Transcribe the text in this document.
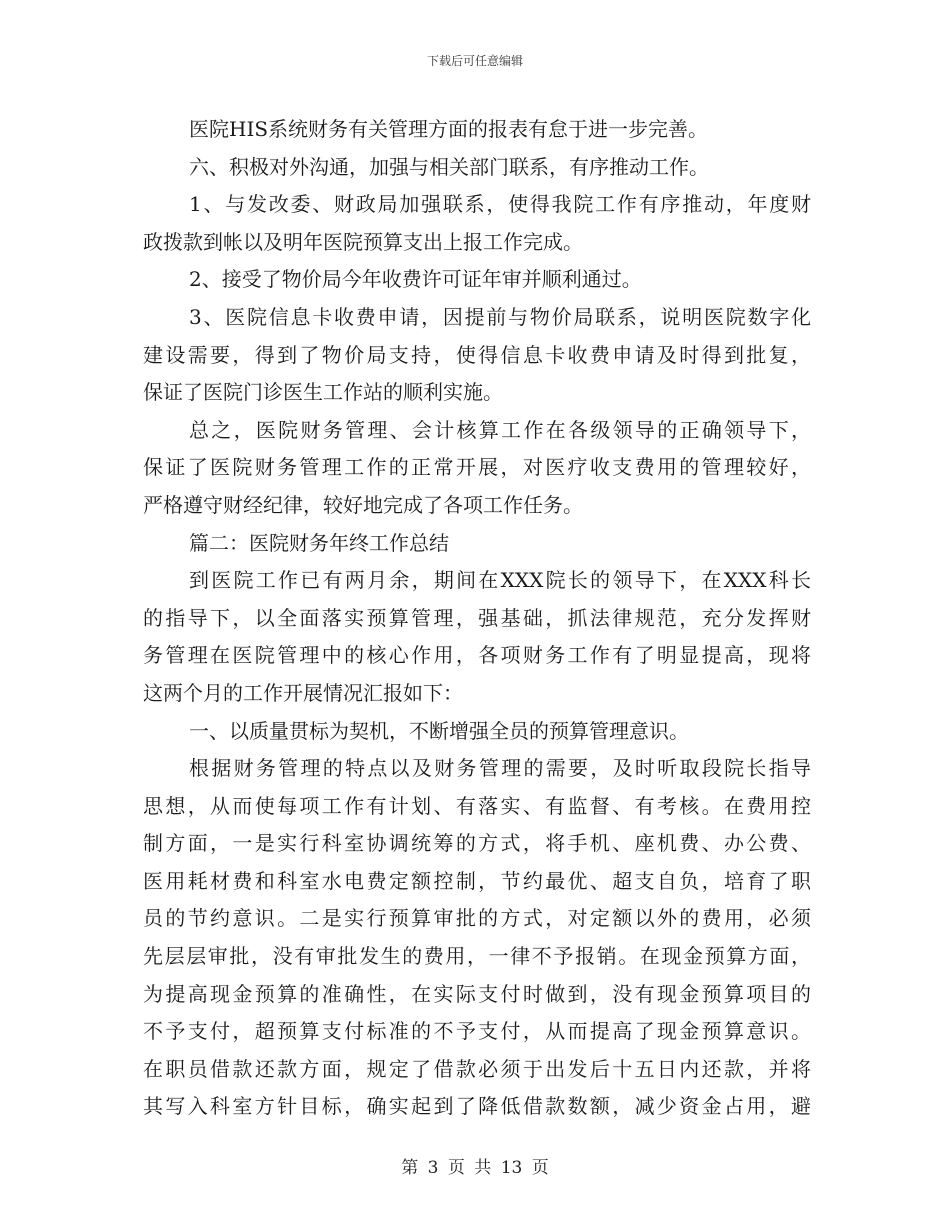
下载后可任意编辑
医院HIS系统财务有关管理方面的报表有怠于进一步完善。
六、积极对外沟通，加强与相关部门联系，有序推动工作。
1、与发改委、财政局加强联系，使得我院工作有序推动，年度财
政拨款到帐以及明年医院预算支出上报工作完成。
2、接受了物价局今年收费许可证年审并顺利通过。
3、医院信息卡收费申请，因提前与物价局联系，说明医院数字化
建设需要，得到了物价局支持，使得信息卡收费申请及时得到批复，
保证了医院门诊医生工作站的顺利实施。
总之，医院财务管理、会计核算工作在各级领导的正确领导下，
保证了医院财务管理工作的正常开展，对医疗收支费用的管理较好，
严格遵守财经纪律，较好地完成了各项工作任务。
篇二：医院财务年终工作总结
到医院工作已有两月余，期间在XXX院长的领导下，在XXX科长
的指导下，以全面落实预算管理，强基础，抓法律规范，充分发挥财
务管理在医院管理中的核心作用，各项财务工作有了明显提高，现将
这两个月的工作开展情况汇报如下：
一、以质量贯标为契机，不断增强全员的预算管理意识。
根据财务管理的特点以及财务管理的需要，及时听取段院长指导
思想，从而使每项工作有计划、有落实、有监督、有考核。在费用控
制方面，一是实行科室协调统筹的方式，将手机、座机费、办公费、
医用耗材费和科室水电费定额控制，节约最优、超支自负，培育了职
员的节约意识。二是实行预算审批的方式，对定额以外的费用，必须
先层层审批，没有审批发生的费用，一律不予报销。在现金预算方面，
为提高现金预算的准确性，在实际支付时做到，没有现金预算项目的
不予支付，超预算支付标准的不予支付，从而提高了现金预算意识。
在职员借款还款方面，规定了借款必须于出发后十五日内还款，并将
其写入科室方针目标，确实起到了降低借款数额，减少资金占用，避
第 3 页 共 13 页
